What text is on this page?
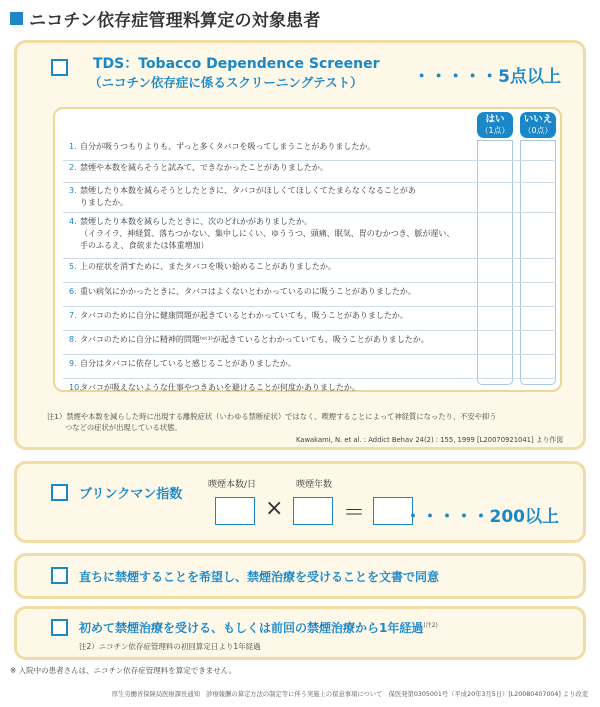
ニコチン依存症管理料算定の対象患者
TDS：Tobacco Dependence Screener
（ニコチン依存症に係るスクリーニングテスト）	・・・・・5点以上
はい
（1点）
いいえ
（0点）
1. 自分が吸うつもりよりも、ずっと多くタバコを吸ってしまうことがありましたか。
2. 禁煙や本数を減らそうと試みて、できなかったことがありましたか。
3. 禁煙したり本数を減らそうとしたときに、タバコがほしくてほしくてたまらなくなることがあ
りましたか。
4. 禁煙したり本数を減らしたときに、次のどれかがありましたか。
（イライラ、神経質、落ちつかない、集中しにくい、ゆううつ、頭痛、眠気、胃のむかつき、脈が遅い、
手のふるえ、食欲または体重増加）
5. 上の症状を消すために、またタバコを吸い始めることがありましたか。
6. 重い病気にかかったときに、タバコはよくないとわかっているのに吸うことがありましたか。
7. タバコのために自分に健康問題が起きているとわかっていても、吸うことがありましたか。
8. タバコのために自分に精神的問題⁽ᵉᵗ¹⁾が起きているとわかっていても、吸うことがありましたか。
9. 自分はタバコに依存していると感じることがありましたか。
10.タバコが吸えないような仕事やつきあいを避けることが何度かありましたか。
注1）禁煙や本数を減らした時に出現する離脱症状（いわゆる禁断症状）ではなく、喫煙することによって神経質になったり、不安や抑う
つなどの症状が出現している状態。
Kawakami, N. et al. : Addict Behav 24(2) : 155, 1999 [L20070921041] より作図
ブリンクマン指数
喫煙本数/日	喫煙年数
×	＝ ・・・・・200以上
直ちに禁煙することを希望し、禁煙治療を受けることを文書で同意
初めて禁煙治療を受ける、もしくは前回の禁煙治療から1年経過$^{(注2)}$
注2）ニコチン依存症管理料の初回算定日より1年経過
※ 入院中の患者さんは、ニコチン依存症管理料を算定できません。
厚生労働省保険局医療課長通知　診療報酬の算定方法の制定等に伴う実施上の留意事項について　保医発第0305001号（平成20年3月5日）[L20080407004] より改変
